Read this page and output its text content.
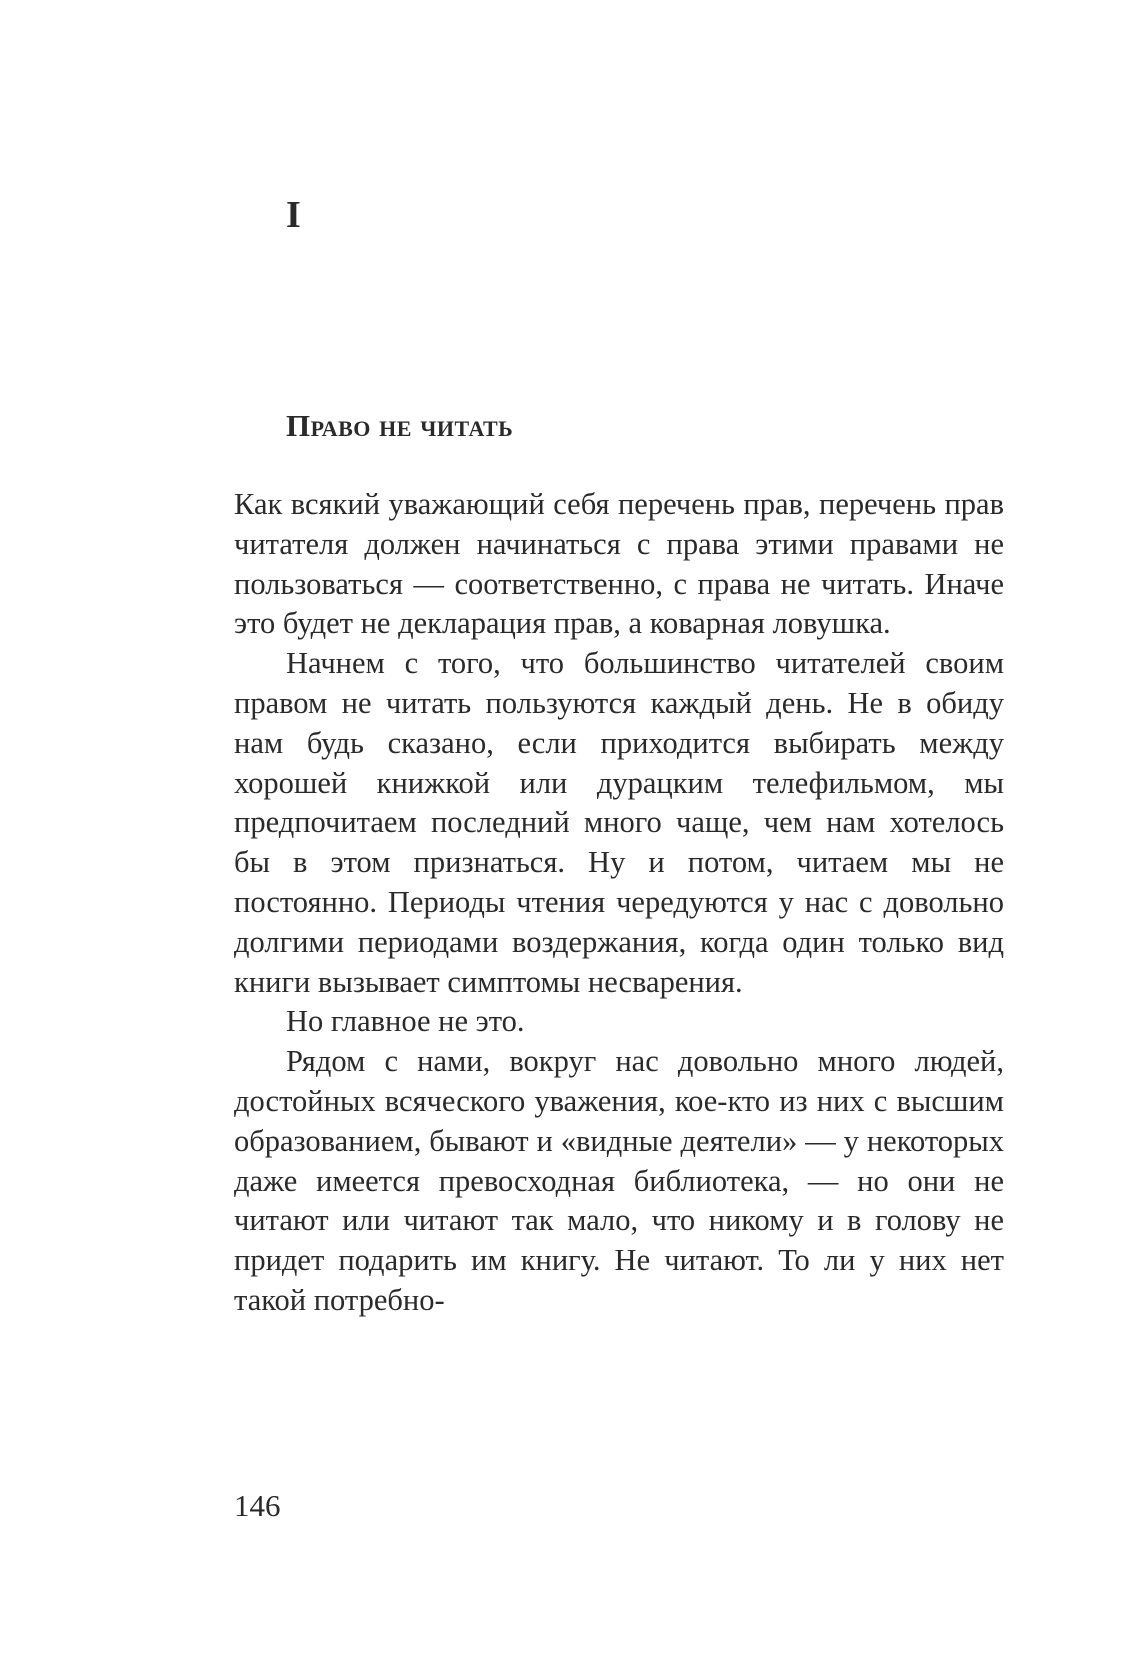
I
Право не читать

Как всякий уважающий себя перечень прав, перечень прав читателя должен начинаться с права этими правами не пользоваться — соответственно, с права не читать. Иначе это будет не декларация прав, а коварная ловушка.

Начнем с того, что большинство читателей своим правом не читать пользуются каждый день. Не в обиду нам будь сказано, если приходится выбирать между хорошей книжкой или дурацким телефильмом, мы предпочитаем последний много чаще, чем нам хотелось бы в этом признаться. Ну и потом, читаем мы не постоянно. Периоды чтения чередуются у нас с довольно долгими периодами воздержания, когда один только вид книги вызывает симптомы несварения.

Но главное не это.

Рядом с нами, вокруг нас довольно много людей, достойных всяческого уважения, кое-кто из них с высшим образованием, бывают и «видные деятели» — у некоторых даже имеется превосходная библиотека, — но они не читают или читают так мало, что никому и в голову не придет подарить им книгу. Не читают. То ли у них нет такой потребно-

146
